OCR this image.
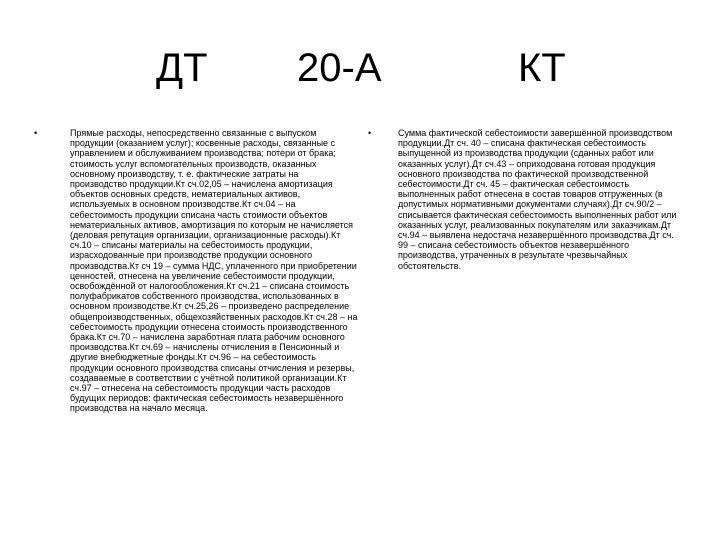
ДТ 20-А	КТ
•	Прямые расходы, непосредственно связанные с выпуском продукции (оказанием услуг); косвенные расходы, связанные с управлением и обслуживанием производства; потери от брака; стоимость услуг вспомогательных производств, оказанных основному производству, т. е. фактические затраты на производство продукции.Кт сч.02,05 – начислена амортизация объектов основных средств, нематериальных активов, используемых в основном производстве.Кт сч.04 – на себестоимость продукции списана часть стоимости объектов нематериальных активов, амортизация по которым не начисляется (деловая репутация организации, организационные расходы).Кт сч.10 – списаны материалы на себестоимость продукции, израсходованные при производстве продукции основного производства.Кт сч 19 – сумма НДС, уплаченного при приобретении ценностей, отнесена на увеличение себестоимости продукции, освобождённой от налогообложения.Кт сч.21 – списана стоимость полуфабрикатов собственного производства, использованных в основном производстве.Кт сч.25,26 – произведено распределение общепроизводственных, общехозяйственных расходов.Кт сч.28 – на себестоимость продукции отнесена стоимость производственного брака.Кт сч.70 – начислена заработная плата рабочим основного производства.Кт сч.69 – начислены отчисления в Пенсионный и другие внебюджетные фонды.Кт сч.96 – на себестоимость продукции основного производства списаны отчисления и резервы, создаваемые в соответствии с учётной политикой организации.Кт сч.97 – отнесена на себестоимость продукции часть расходов будущих периодов: фактическая себестоимость незавершённого производства на начало месяца.
•	Сумма фактической себестоимости завершённой производством продукции.Дт сч. 40 – списана фактическая себестоимость выпущенной из производства продукции (сданных работ или оказанных услуг).Дт сч.43 – оприходована готовая продукция основного производства по фактической производственной себестоимости.Дт сч. 45 – фактическая себестоимость выполненных работ отнесена в состав товаров отгруженных (в допустимых нормативными документами случаях).Дт сч.90/2 – списывается фактическая себестоимость выполненных работ или оказанных услуг, реализованных покупателям или заказчикам.Дт сч.94 – выявлена недостача незавершённого производства.Дт сч. 99 – списана себестоимость объектов незавершённого производства, утраченных в результате чрезвычайных обстоятельств.
